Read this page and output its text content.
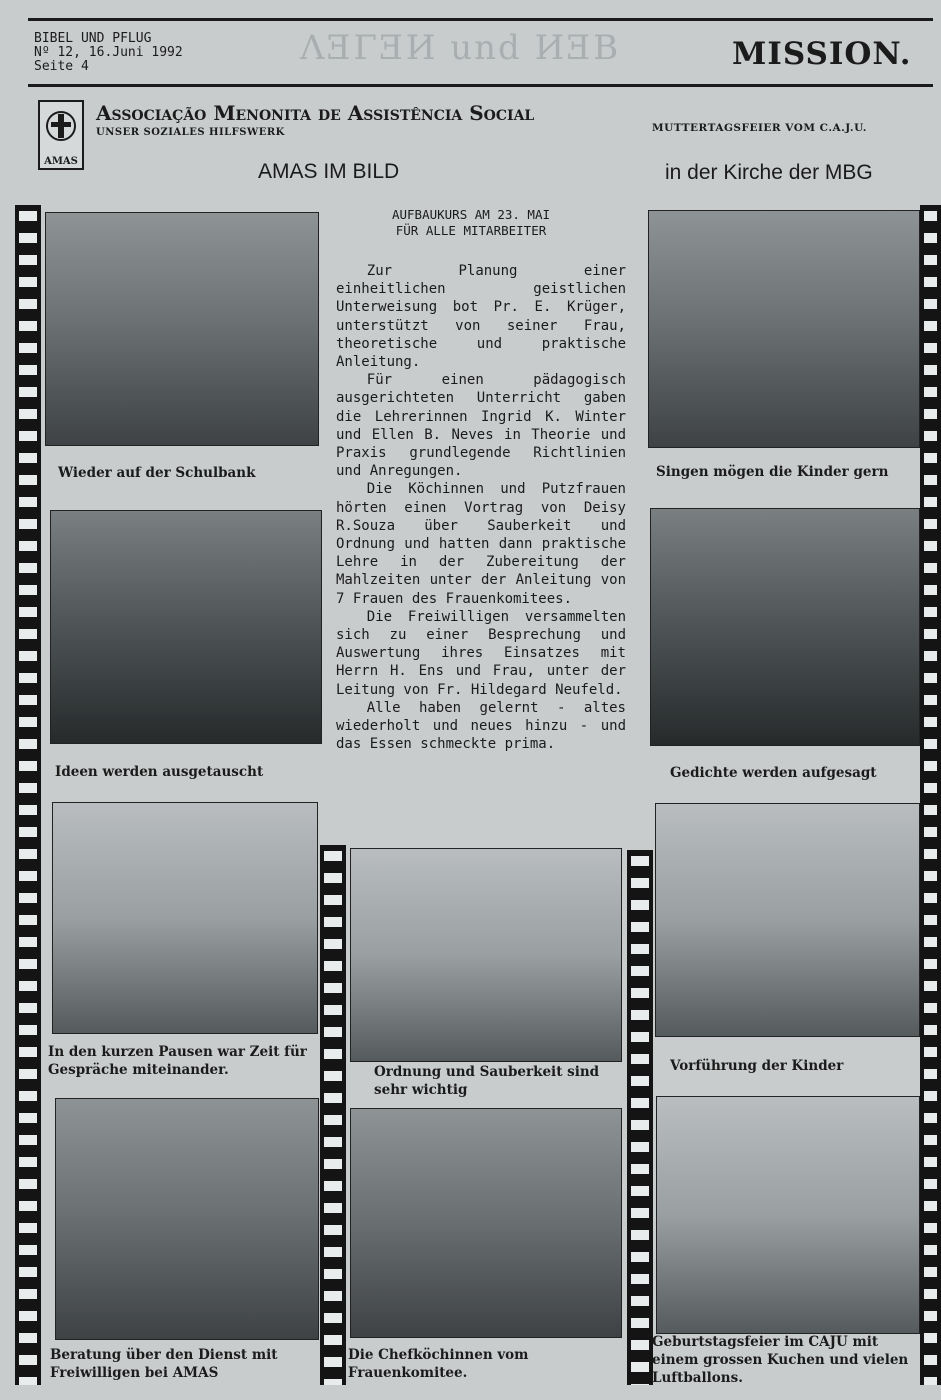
BIBEL UND PFLUG
Nº 12, 16.Juni 1992
Seite 4	ΛƎΓƎИ und ИƎВ	MISSION.
AMAS
Associação Menonita de Assistência Social
UNSER SOZIALES HILFSWERK	MUTTERTAGSFEIER VOM C.A.J.U.
AMAS IM BILD	in der Kirche der MBG
Wieder auf der Schulbank
Ideen werden ausgetauscht
In den kurzen Pausen war Zeit für Gespräche miteinander.
Beratung über den Dienst mit Freiwilligen bei AMAS
AUFBAUKURS AM 23. MAI
FÜR ALLE MITARBEITER

Zur Planung einer einheitlichen geistlichen Unterweisung bot Pr. E. Krüger, unterstützt von seiner Frau, theoretische und praktische Anleitung.

Für einen pädagogisch ausgerichteten Unterricht gaben die Lehrerinnen Ingrid K. Winter und Ellen B. Neves in Theorie und Praxis grundlegende Richtlinien und Anregungen.

Die Köchinnen und Putzfrauen hörten einen Vortrag von Deisy R.Souza über Sauberkeit und Ordnung und hatten dann praktische Lehre in der Zubereitung der Mahlzeiten unter der Anleitung von 7 Frauen des Frauenkomitees.

Die Freiwilligen versammelten sich zu einer Besprechung und Auswertung ihres Einsatzes mit Herrn H. Ens und Frau, unter der Leitung von Fr. Hildegard Neufeld.

Alle haben gelernt - altes wiederholt und neues hinzu - und das Essen schmeckte prima.

Ordnung und Sauberkeit sind sehr wichtig
Die Chefköchinnen vom Frauenkomitee.
Singen mögen die Kinder gern
Gedichte werden aufgesagt
Vorführung der Kinder
Geburtstagsfeier im CAJU mit einem grossen Kuchen und vielen Luftballons.
